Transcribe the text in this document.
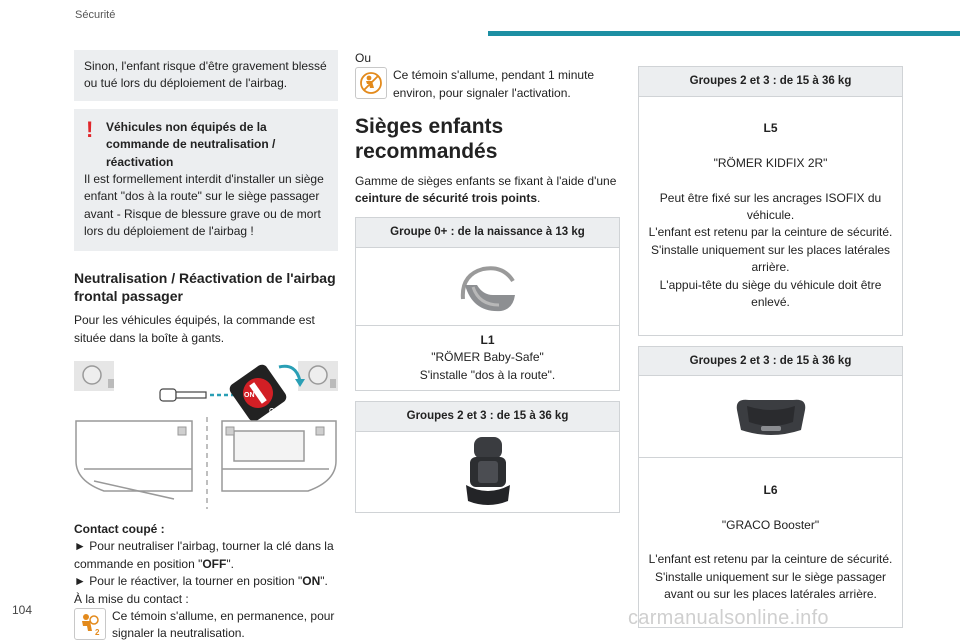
Sécurité

Sinon, l'enfant risque d'être gravement blessé ou tué lors du déploiement de l'airbag.

!	Véhicules non équipés de la commande de neutralisation / réactivation

Il est formellement interdit d'installer un siège enfant "dos à la route" sur le siège passager avant - Risque de blessure grave ou de mort lors du déploiement de l'airbag !

Neutralisation / Réactivation de l'airbag frontal passager

Pour les véhicules équipés, la commande est située dans la boîte à gants.

ON
OFF

Contact coupé :

► Pour neutraliser l'airbag, tourner la clé dans la commande en position "OFF".

► Pour le réactiver, la tourner en position "ON".

À la mise du contact :

2

Ce témoin s'allume, en permanence, pour signaler la neutralisation.

Ou

Ce témoin s'allume, pendant 1 minute environ, pour signaler l'activation.

Sièges enfants recommandés

Gamme de sièges enfants se fixant à l'aide d'une ceinture de sécurité trois points.

Groupe 0+ : de la naissance à 13 kg
L1

"RÖMER Baby-Safe"

S'installe "dos à la route".

Groupes 2 et 3 : de 15 à 36 kg
Groupes 2 et 3 : de 15 à 36 kg

L5

"RÖMER KIDFIX 2R"

Peut être fixé sur les ancrages ISOFIX du véhicule.
L'enfant est retenu par la ceinture de sécurité.
S'installe uniquement sur les places latérales arrière.
L'appui-tête du siège du véhicule doit être enlevé.

Groupes 2 et 3 : de 15 à 36 kg

L6

"GRACO Booster"

L'enfant est retenu par la ceinture de sécurité.
S'installe uniquement sur le siège passager avant ou sur les places latérales arrière.

104	carmanualsonline.info
